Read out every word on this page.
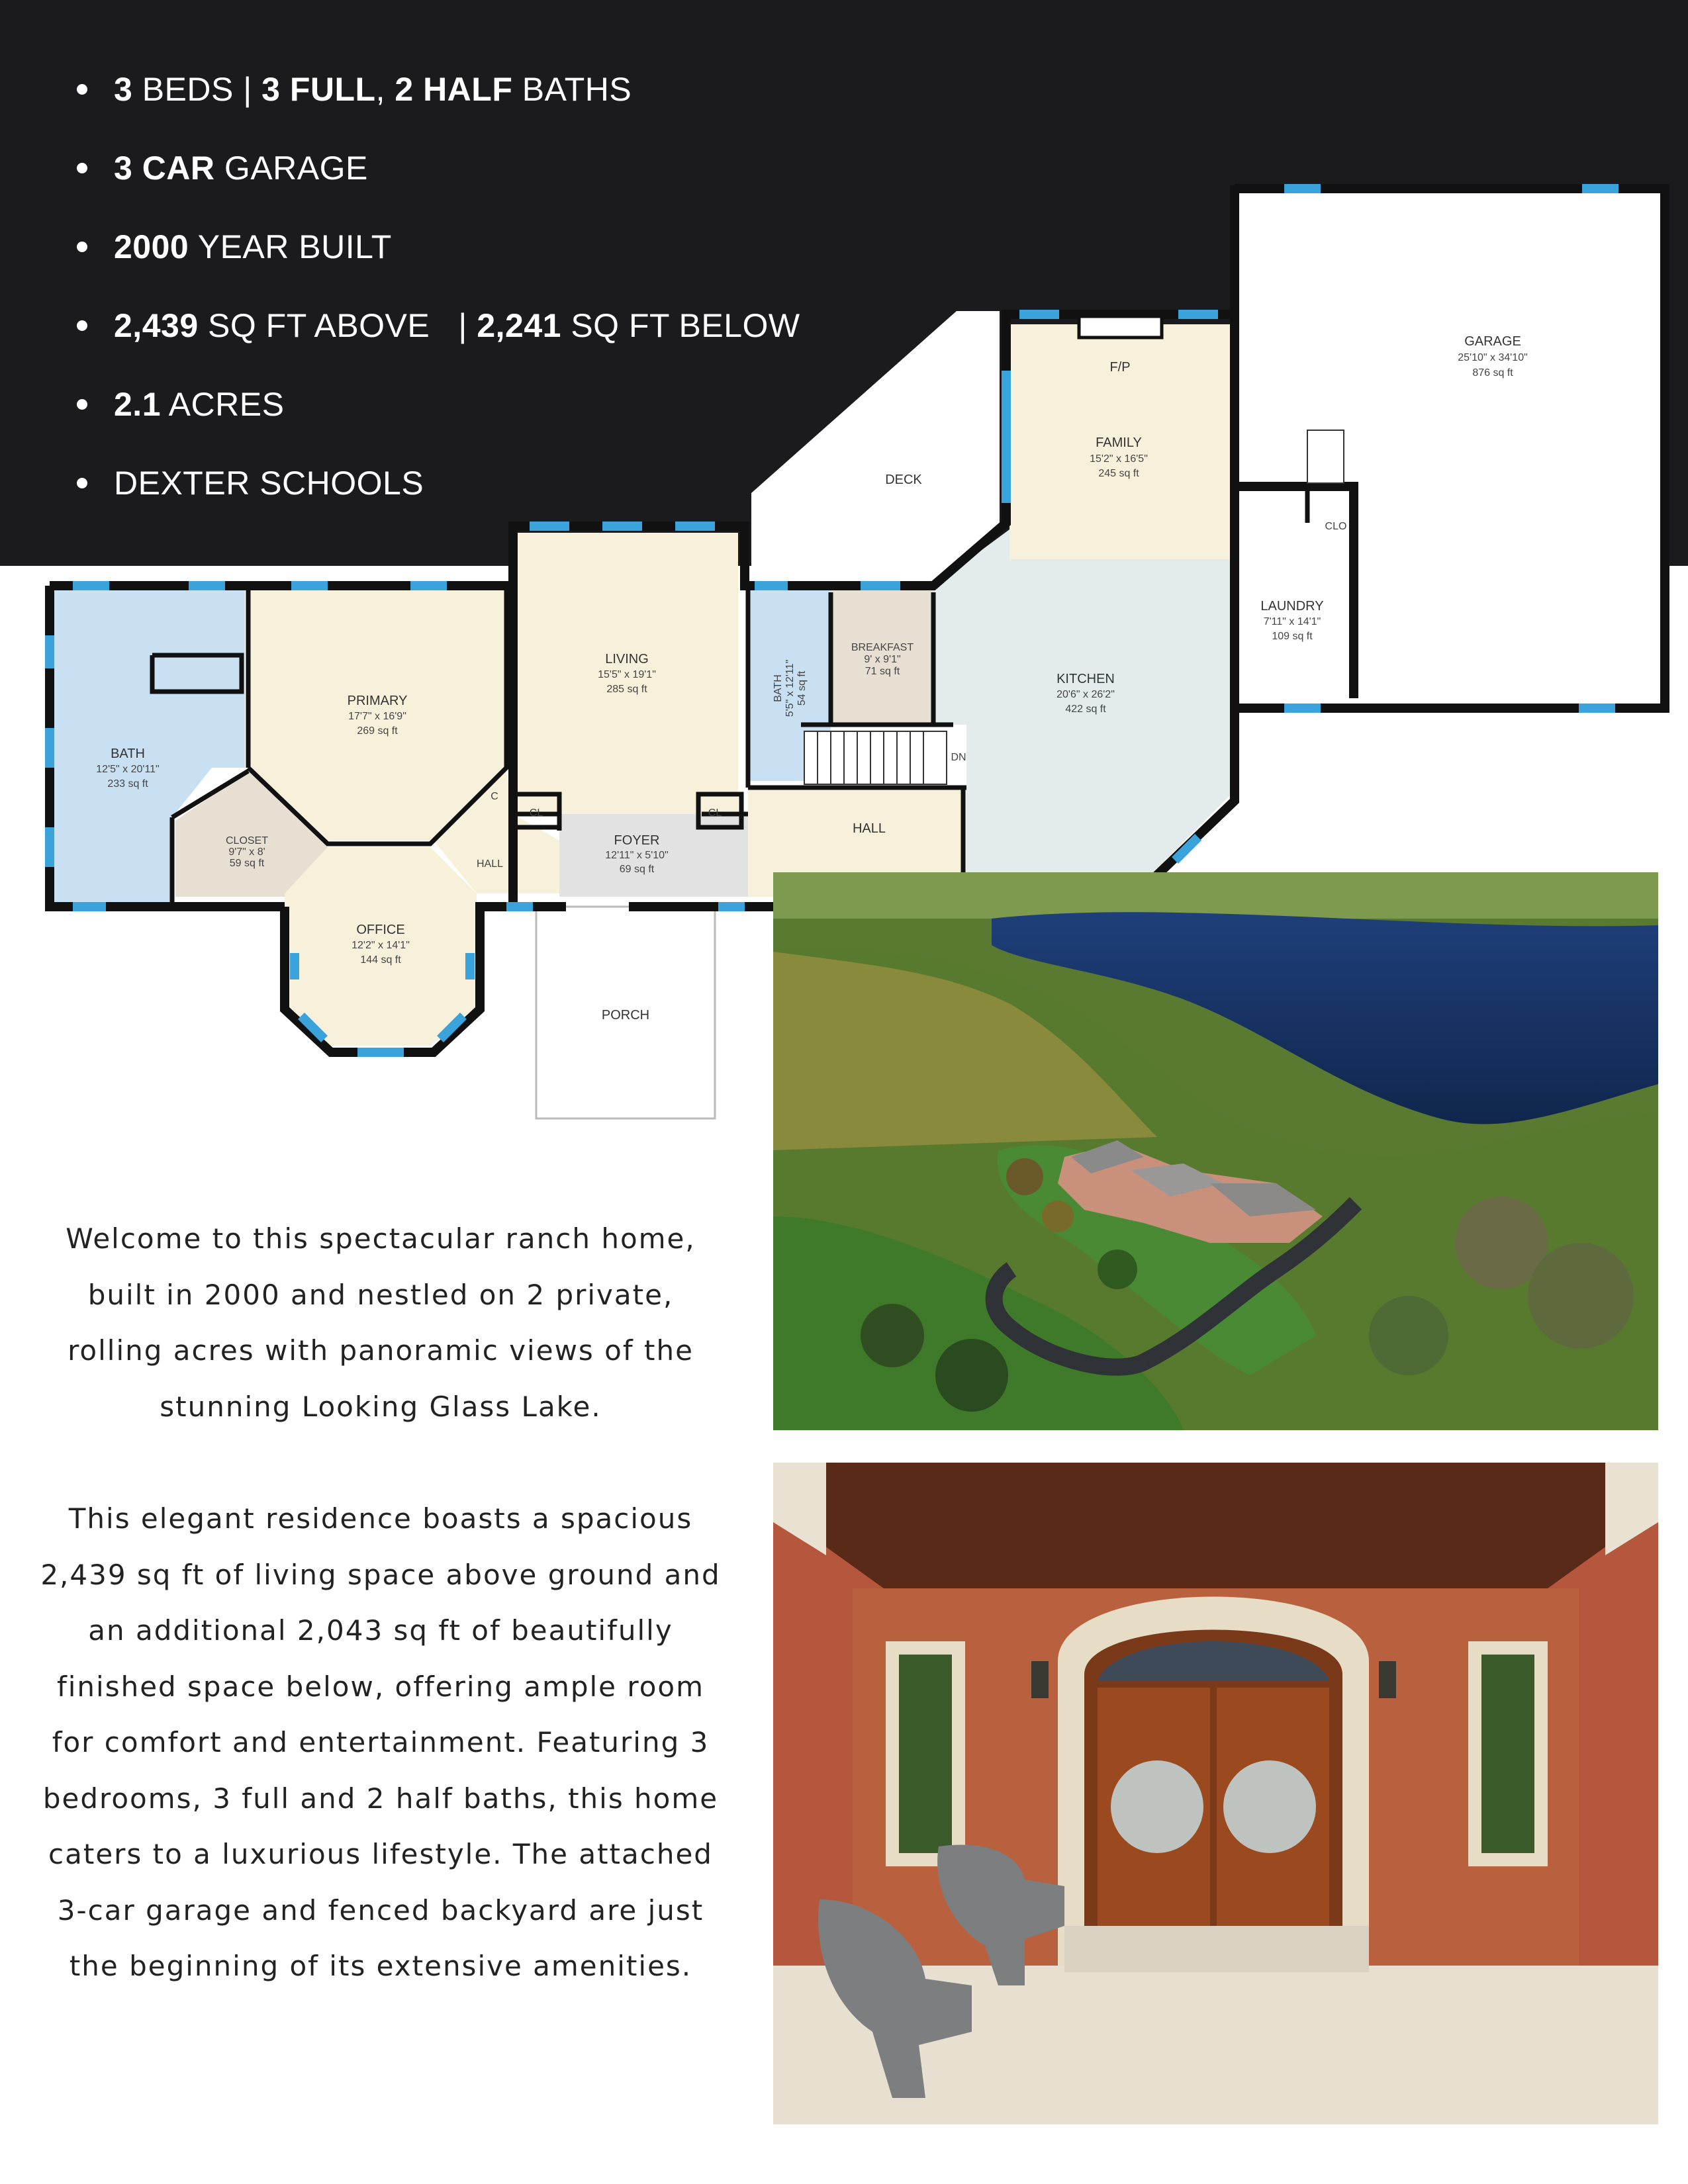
3 BEDS | 3 FULL, 2 HALF BATHS
3 CAR GARAGE
2000 YEAR BUILT
2,439 SQ FT ABOVE   | 2,241 SQ FT BELOW
2.1 ACRES
DEXTER SCHOOLS
GARAGE
25'10" x 34'10"
876 sq ft
F/P
FAMILY
15'2" x 16'5"
245 sq ft
DECK
CLO
LAUNDRY
7'11" x 14'1"
109 sq ft
KITCHEN
20'6" x 26'2"
422 sq ft
BREAKFAST
9' x 9'1"
71 sq ft
BATH 5'5" x 12'11" 54 sq ft
LIVING
15'5" x 19'1"
285 sq ft
PRIMARY
17'7" x 16'9"
269 sq ft
BATH
12'5" x 20'11"
233 sq ft
CLOSET
9'7" x 8'
59 sq ft
OFFICE
12'2" x 14'1"
144 sq ft
FOYER
12'11" x 5'10"
69 sq ft
HALL
HALL
CL	CL
C
DN
PORCH

Welcome to this spectacular ranch home, built in 2000 and nestled on 2 private, rolling acres with panoramic views of the stunning Looking Glass Lake.

This elegant residence boasts a spacious 2,439 sq ft of living space above ground and an additional 2,043 sq ft of beautifully finished space below, offering ample room for comfort and entertainment. Featuring 3 bedrooms, 3 full and 2 half baths, this home caters to a luxurious lifestyle. The attached 3-car garage and fenced backyard are just the beginning of its extensive amenities.
